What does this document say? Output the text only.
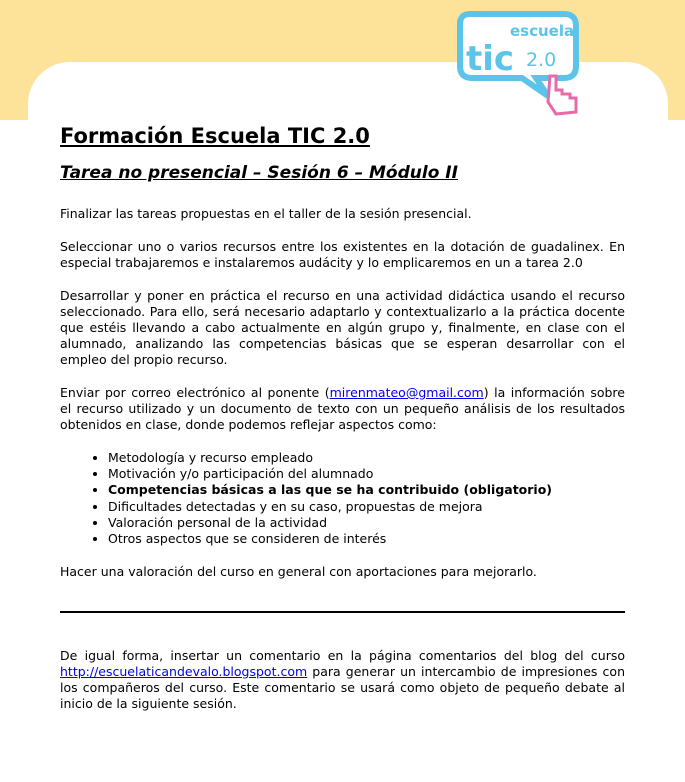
escuela
tic 2.0
Formación Escuela TIC 2.0
Tarea no presencial – Sesión 6 – Módulo II

Finalizar las tareas propuestas en el taller de la sesión presencial.

Seleccionar uno o varios recursos entre los existentes en la dotación de guadalinex. En especial trabajaremos e instalaremos audácity y lo emplicaremos en un a tarea 2.0

Desarrollar y poner en práctica el recurso en una actividad didáctica usando el recurso seleccionado. Para ello, será necesario adaptarlo y contextualizarlo a la práctica docente que estéis llevando a cabo actualmente en algún grupo y, finalmente, en clase con el alumnado, analizando las competencias básicas que se esperan desarrollar con el empleo del propio recurso.

Enviar por correo electrónico al ponente (mirenmateo@gmail.com) la información sobre el recurso utilizado y un documento de texto con un pequeño análisis de los resultados obtenidos en clase, donde podemos reflejar aspectos como:

• Metodología y recurso empleado
• Motivación y/o participación del alumnado
• Competencias básicas a las que se ha contribuido (obligatorio)
• Dificultades detectadas y en su caso, propuestas de mejora
• Valoración personal de la actividad
• Otros aspectos que se consideren de interés

Hacer una valoración del curso en general con aportaciones para mejorarlo.

De igual forma, insertar un comentario en la página comentarios del blog del curso http://escuelaticandevalo.blogspot.com para generar un intercambio de impresiones con los compañeros del curso. Este comentario se usará como objeto de pequeño debate al inicio de la siguiente sesión.
